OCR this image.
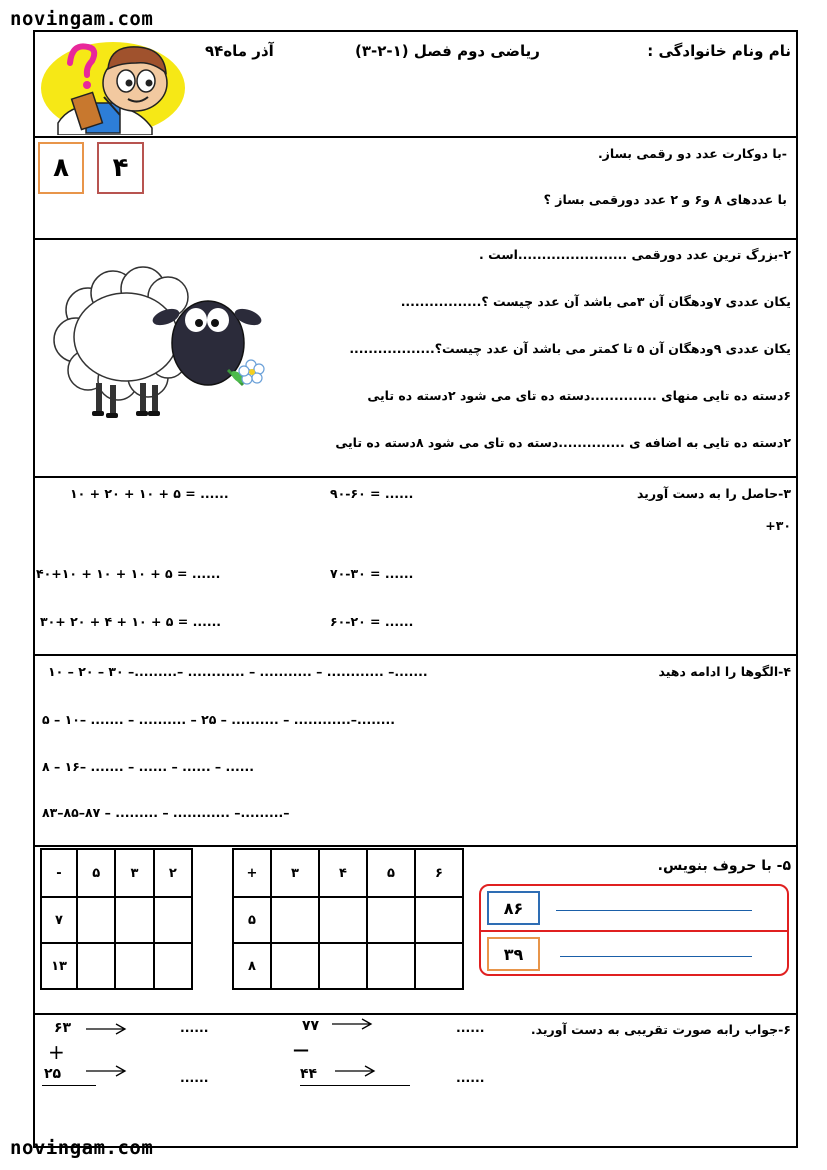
novingam.com
novingam.com
نام ونام خانوادگی :
ریاضی دوم فصل (۱-۲-۳)
آذر ماه۹۴
-با دوکارت عدد دو رقمی بساز.
با عددهای ۸ و۶ و ۲ عدد دورقمی بساز ؟
۴
۸
۲-بزرگ ترین عدد دورقمی .......................است .
یکان عددی ۷ودهگان آن ۳می باشد آن عدد چیست ؟.................
یکان عددی ۹ودهگان آن ۵ تا کمتر می باشد آن عدد چیست؟..................
۶دسته ده تایی منهای ..............دسته ده تای می شود ۲دسته ده تایی
۲دسته ده تایی به اضافه ی ..............دسته ده تای می شود ۸دسته ده تایی
۳-حاصل را به دست آورید
۳۰+
۹۰-۶۰ = ......
۷۰-۳۰ = ......
۶۰-۲۰ = ......
۱۰ + ۲۰ + ۱۰ + ۵ = ......
۴۰+۱۰ + ۱۰ + ۱۰ + ۵ = ......
۳۰+ ۲۰ + ۴ + ۱۰ + ۵ = ......
۴-الگوها را ادامه دهید
۱۰ – ۲۰ – ۳۰ –.........– ............ – ........... – ............ –.......
۵ – ۱۰– ....... – .......... – ۲۵ – .......... – ............–........
۸ – ۱۶– ....... – ...... – ...... – ......
۸۳–۸۵–۸۷ – ......... – ............ –.........–
۵- با حروف بنویس.
۸۶
۳۹
-	۵	۳	۲
۷			
۱۳			
+	۳	۴	۵	۶
۵				
۸				
۶-جواب رابه صورت تقریبی به دست آورید.
۶۳
+
۲۵
......
......
۷۷
—
۴۴
......
......
